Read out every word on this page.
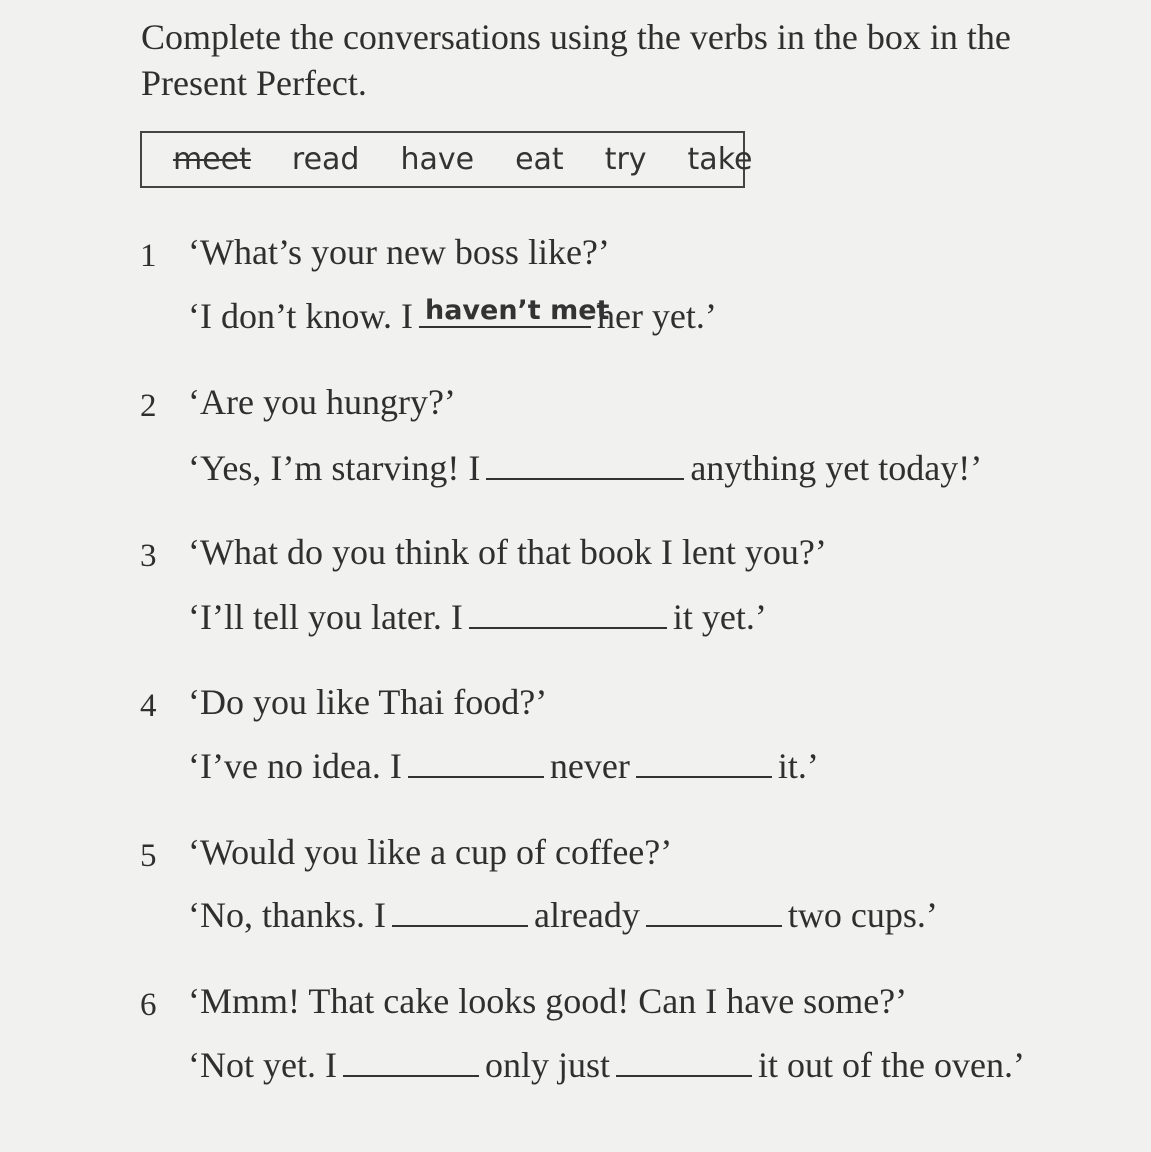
Complete the conversations using the verbs in the box in the Present Perfect.

meet read have eat try take
1 ‘What’s your new boss like?’
‘I don’t know. I haven’t met
her yet.’
2 ‘Are you hungry?’
‘Yes, I’m starving! I	anything yet today!’
3 ‘What do you think of that book I lent you?’
‘I’ll tell you later. I	it yet.’
4 ‘Do you like Thai food?’
‘I’ve no idea. I	never	it.’
5 ‘Would you like a cup of coffee?’
‘No, thanks. I	already	two cups.’
6 ‘Mmm! That cake looks good! Can I have some?’
‘Not yet. I	only just	it out of the oven.’
